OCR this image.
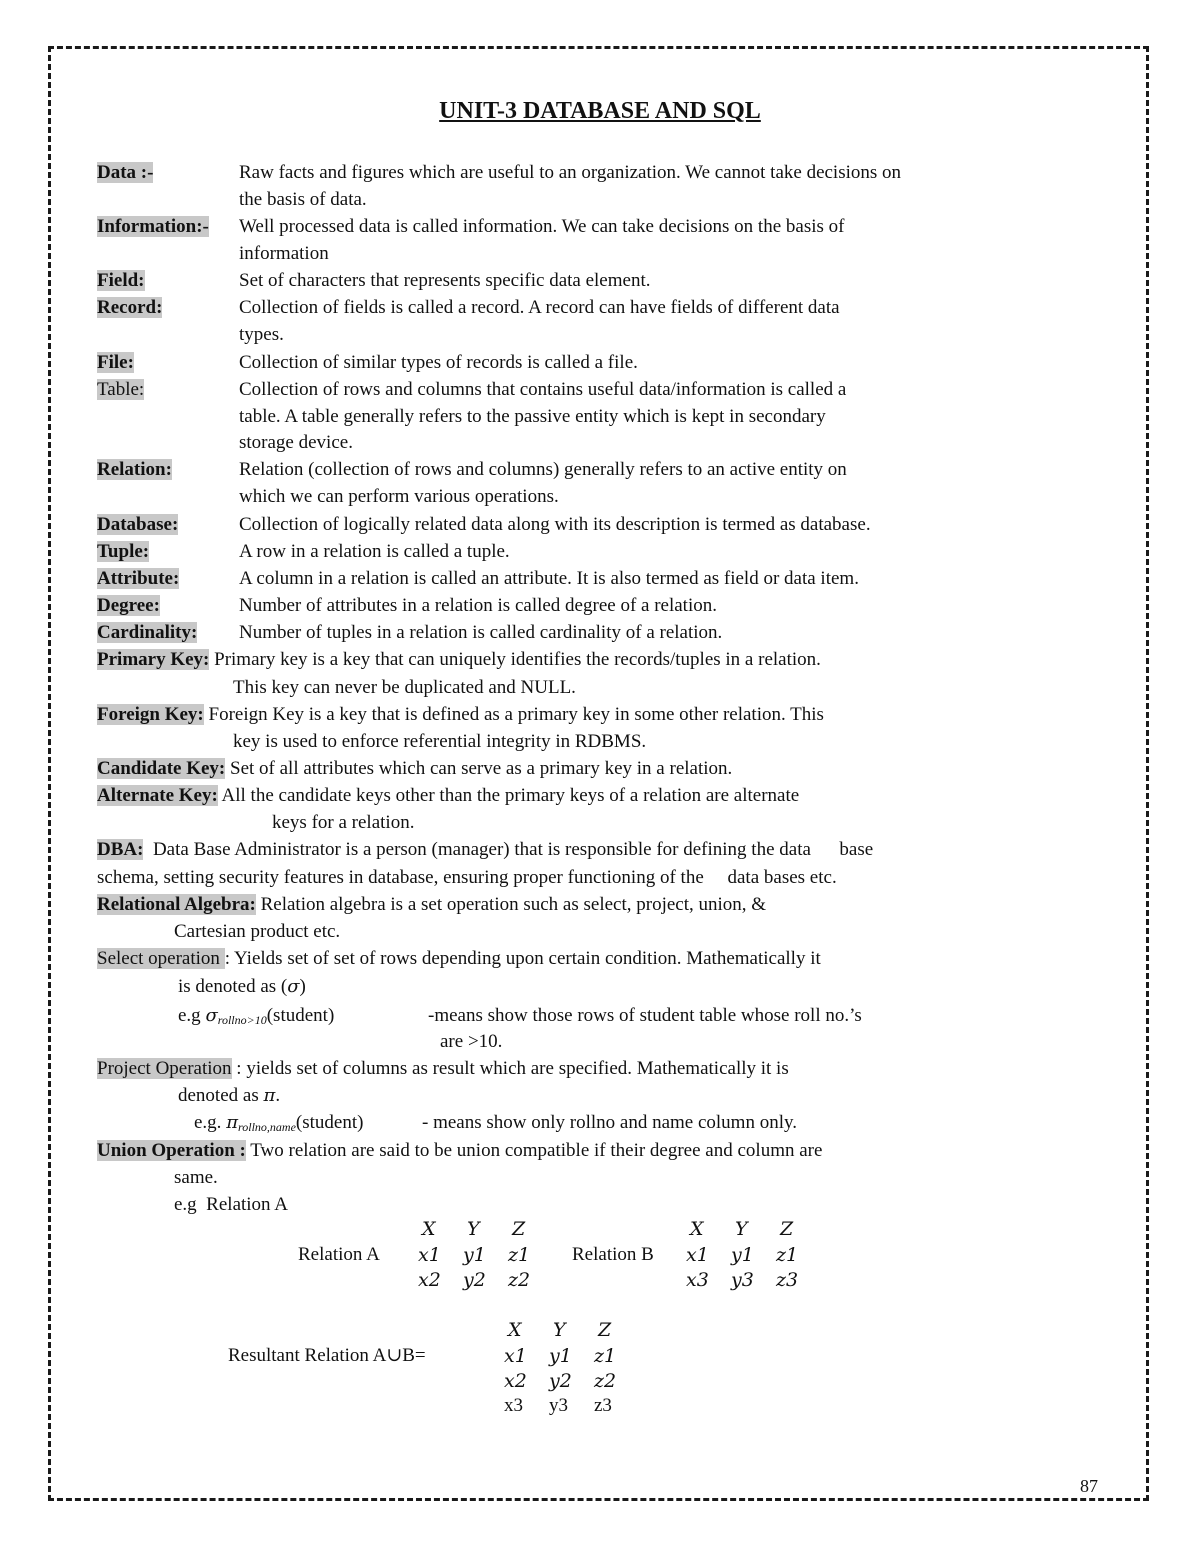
UNIT-3 DATABASE AND SQL
Data :-	Raw facts and figures which are useful to an organization. We cannot take decisions on
the basis of data.
Information:- Well processed data is called information. We can take decisions on the basis of
information
Field:	Set of characters that represents specific data element.
Record:	Collection of fields is called a record. A record can have fields of different data
types.
File:	Collection of similar types of records is called a file.
Table:	Collection of rows and columns that contains useful data/information is called a
table. A table generally refers to the passive entity which is kept in secondary
storage device.
Relation:	Relation (collection of rows and columns) generally refers to an active entity on
which we can perform various operations.
Database:	Collection of logically related data along with its description is termed as database.
Tuple:	A row in a relation is called a tuple.
Attribute:	A column in a relation is called an attribute. It is also termed as field or data item.
Degree:	Number of attributes in a relation is called degree of a relation.
Cardinality: Number of tuples in a relation is called cardinality of a relation.
Primary Key: Primary key is a key that can uniquely identifies the records/tuples in a relation.
This key can never be duplicated and NULL.
Foreign Key: Foreign Key is a key that is defined as a primary key in some other relation. This
key is used to enforce referential integrity in RDBMS.
Candidate Key: Set of all attributes which can serve as a primary key in a relation.
Alternate Key: All the candidate keys other than the primary keys of a relation are alternate
keys for a relation.
DBA:  Data Base Administrator is a person (manager) that is responsible for defining the data      base
schema, setting security features in database, ensuring proper functioning of the     data bases etc.
Relational Algebra: Relation algebra is a set operation such as select, project, union, &
Cartesian product etc.
Select operation : Yields set of set of rows depending upon certain condition. Mathematically it
is denoted as (σ)
e.g $\sigma_{rollno>10}(student)$	-means show those rows of student table whose roll no.’s
are >10.
Project Operation : yields set of columns as result which are specified. Mathematically it is
denoted as π.
e.g. $\pi_{rollno,name}(student)$	- means show only rollno and name column only.
Union Operation : Two relation are said to be union compatible if their degree and column are
same.
e.g  Relation A
Relation A	Relation B
Resultant Relation A∪B=
X Y Z
x1 y1 z1
x2 y2 z2
X Y Z
x1 y1 z1
x3 y3 z3
X Y Z
x1 y1 z1
x2 y2 z2
x3 y3 z3
87
